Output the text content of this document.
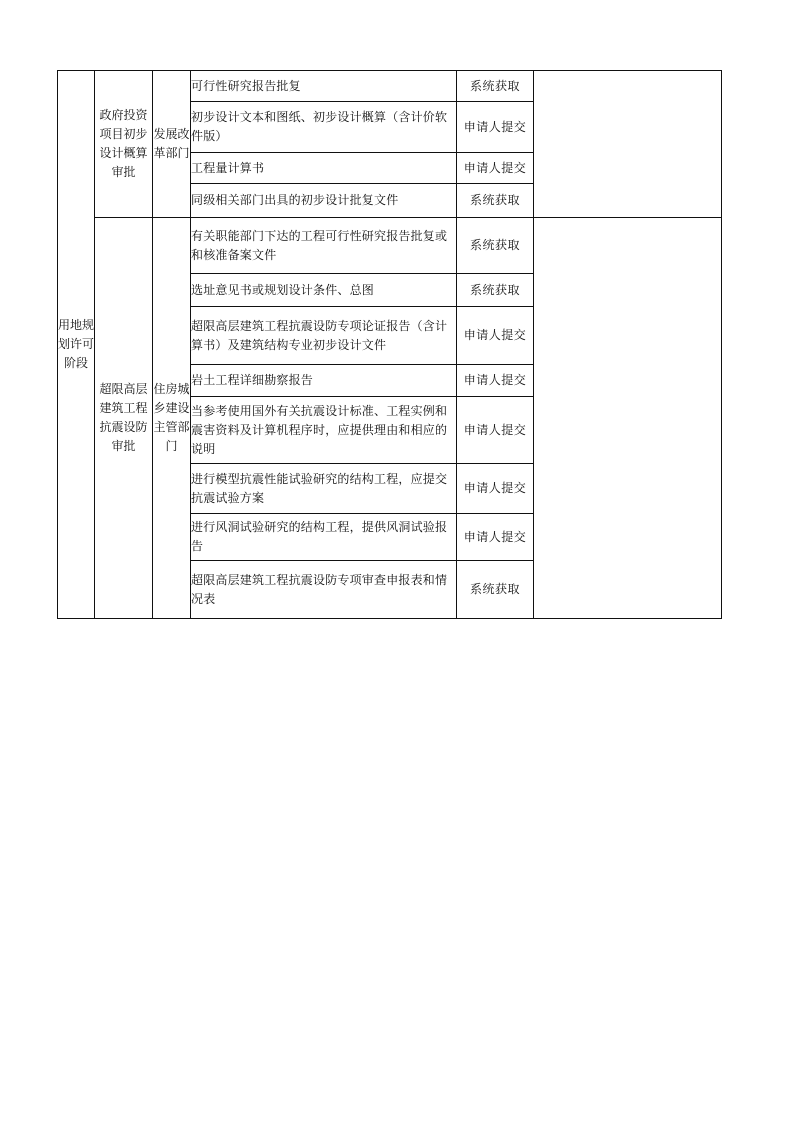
用地规划许可阶段	政府投资项目初步设计概算审批	发展改革部门	可行性研究报告批复	系统获取	
			初步设计文本和图纸、初步设计概算（含计价软件版）	申请人提交	
			工程量计算书	申请人提交	
			同级相关部门出具的初步设计批复文件	系统获取	
	超限高层建筑工程抗震设防审批	住房城乡建设主管部门	有关职能部门下达的工程可行性研究报告批复或和核准备案文件	系统获取	
			选址意见书或规划设计条件、总图	系统获取	
			超限高层建筑工程抗震设防专项论证报告（含计算书）及建筑结构专业初步设计文件	申请人提交	
			岩土工程详细勘察报告	申请人提交	
			当参考使用国外有关抗震设计标准、工程实例和震害资料及计算机程序时，应提供理由和相应的说明	申请人提交	
			进行模型抗震性能试验研究的结构工程，应提交抗震试验方案	申请人提交	
			进行风洞试验研究的结构工程，提供风洞试验报告	申请人提交	
			超限高层建筑工程抗震设防专项审查申报表和情况表	系统获取	
